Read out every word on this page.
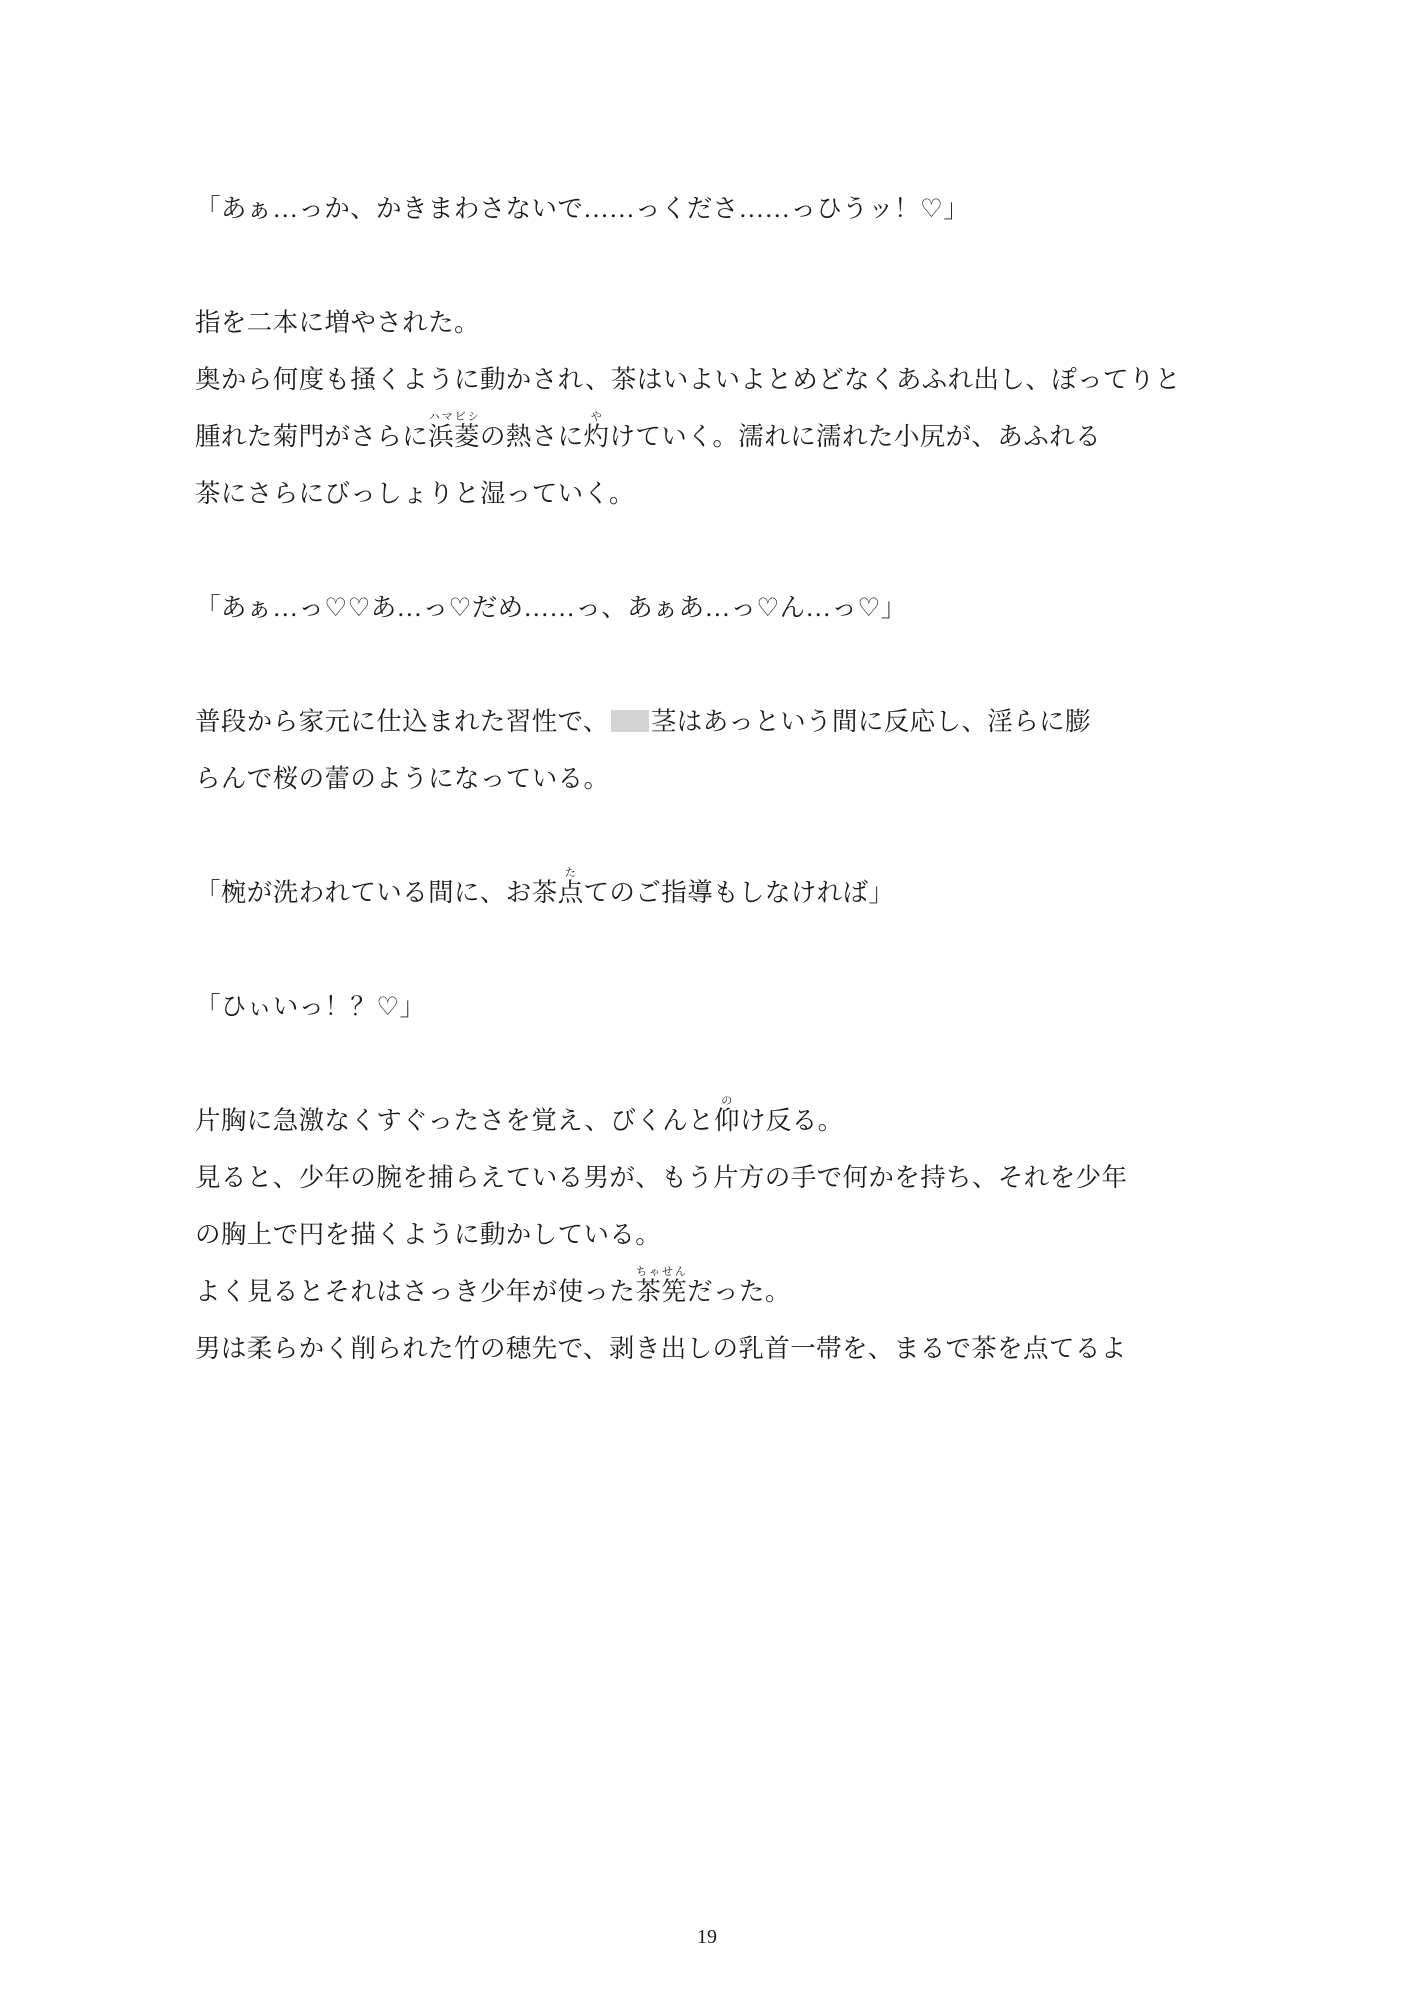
「あぁ…っか、かきまわさないで……っくださ……っひうッ！♡」

指を二本に増やされた。
奥から何度も掻くように動かされ、茶はいよいよとめどなくあふれ出し、ぽってりと
腫れた菊門がさらに浜菱ハマビシの熱さに灼やけていく。濡れに濡れた小尻が、あふれる
茶にさらにびっしょりと湿っていく。

「あぁ…っ♡♡あ…っ♡だめ……っ、あぁあ…っ♡ん…っ♡」

普段から家元に仕込まれた習性で、 茎はあっという間に反応し、淫らに膨
らんで桜の蕾のようになっている。

「椀が洗われている間に、お茶点たてのご指導もしなければ」

「ひぃいっ！？♡」

片胸に急激なくすぐったさを覚え、びくんと仰のけ反る。
見ると、少年の腕を捕らえている男が、もう片方の手で何かを持ち、それを少年
の胸上で円を描くように動かしている。
よく見るとそれはさっき少年が使った茶筅ちゃせんだった。
男は柔らかく削られた竹の穂先で、剥き出しの乳首一帯を、まるで茶を点てるよ

19
